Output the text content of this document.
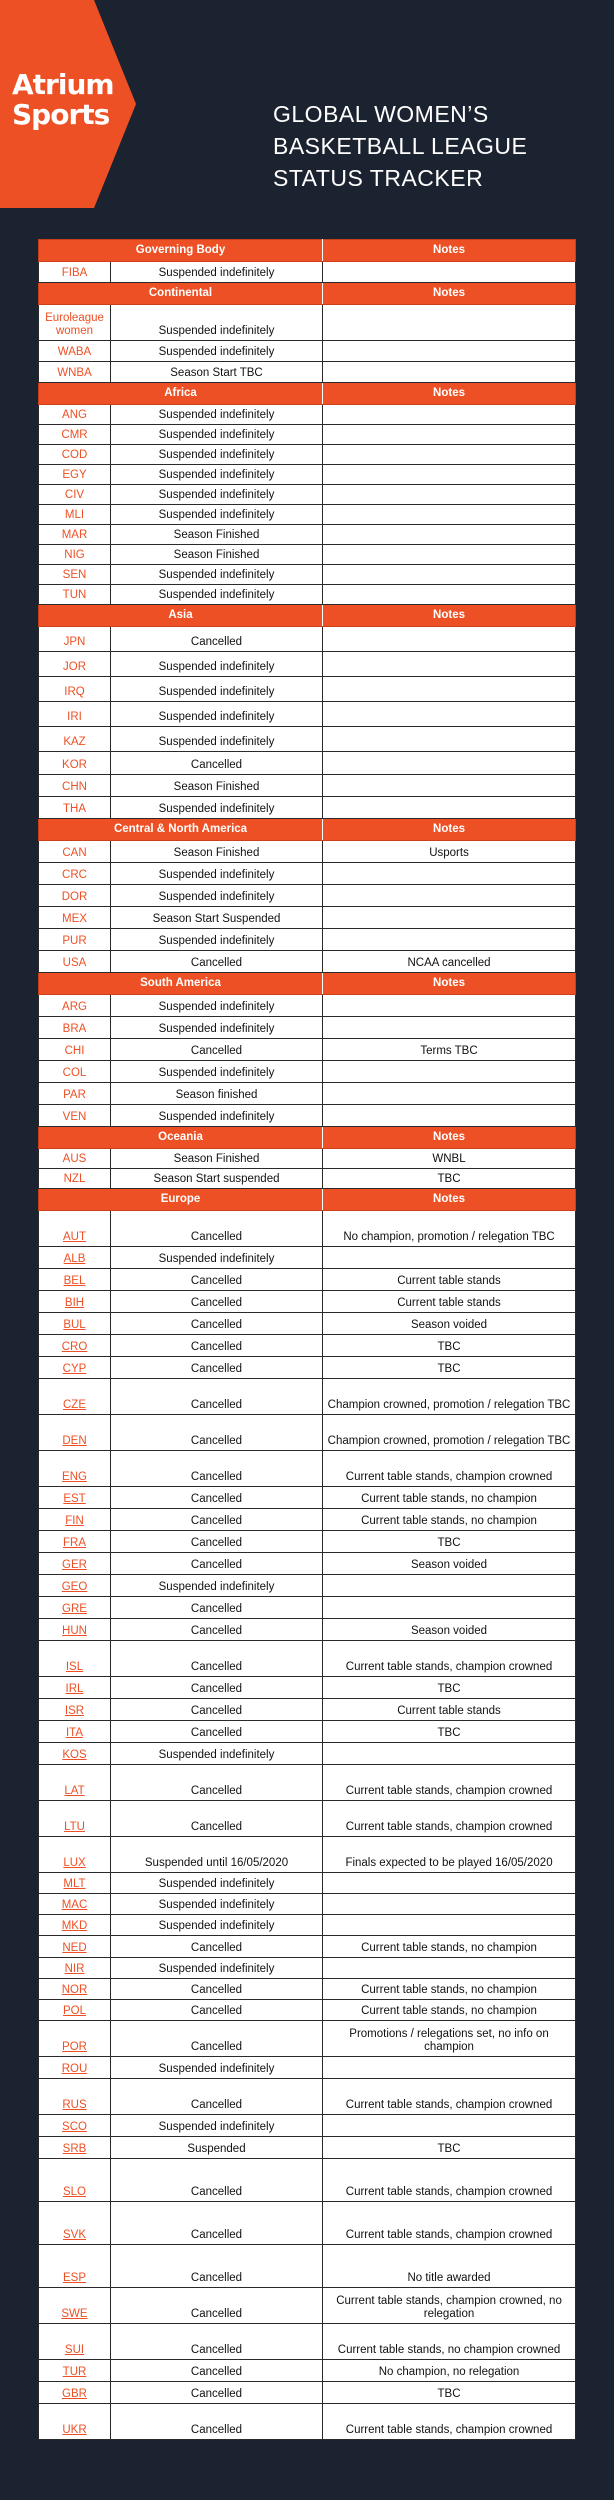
Atrium
Sports	GLOBAL WOMEN’S
BASKETBALL LEAGUE
STATUS TRACKER
Governing Body		Notes
FIBA	Suspended indefinitely	
Continental		Notes
Euroleague women	Suspended indefinitely	
WABA	Suspended indefinitely	
WNBA	Season Start TBC	
Africa		Notes
ANG	Suspended indefinitely	
CMR	Suspended indefinitely	
COD	Suspended indefinitely	
EGY	Suspended indefinitely	
CIV	Suspended indefinitely	
MLI	Suspended indefinitely	
MAR	Season Finished	
NIG	Season Finished	
SEN	Suspended indefinitely	
TUN	Suspended indefinitely	
Asia		Notes
JPN	Cancelled	
JOR	Suspended indefinitely	
IRQ	Suspended indefinitely	
IRI	Suspended indefinitely	
KAZ	Suspended indefinitely	
KOR	Cancelled	
CHN	Season Finished	
THA	Suspended indefinitely	
Central & North America		Notes
CAN	Season Finished	Usports
CRC	Suspended indefinitely	
DOR	Suspended indefinitely	
MEX	Season Start Suspended	
PUR	Suspended indefinitely	
USA	Cancelled	NCAA cancelled
South America		Notes
ARG	Suspended indefinitely	
BRA	Suspended indefinitely	
CHI	Cancelled	Terms TBC
COL	Suspended indefinitely	
PAR	Season finished	
VEN	Suspended indefinitely	
Oceania		Notes
AUS	Season Finished	WNBL
NZL	Season Start suspended	TBC
Europe		Notes
AUT	Cancelled	No champion, promotion / relegation TBC
ALB	Suspended indefinitely	
BEL	Cancelled	Current table stands
BIH	Cancelled	Current table stands
BUL	Cancelled	Season voided
CRO	Cancelled	TBC
CYP	Cancelled	TBC
CZE	Cancelled	Champion crowned, promotion / relegation TBC
DEN	Cancelled	Champion crowned, promotion / relegation TBC
ENG	Cancelled	Current table stands, champion crowned
EST	Cancelled	Current table stands, no champion
FIN	Cancelled	Current table stands, no champion
FRA	Cancelled	TBC
GER	Cancelled	Season voided
GEO	Suspended indefinitely	
GRE	Cancelled	
HUN	Cancelled	Season voided
ISL	Cancelled	Current table stands, champion crowned
IRL	Cancelled	TBC
ISR	Cancelled	Current table stands
ITA	Cancelled	TBC
KOS	Suspended indefinitely	
LAT	Cancelled	Current table stands, champion crowned
LTU	Cancelled	Current table stands, champion crowned
LUX	Suspended until 16/05/2020	Finals expected to be played 16/05/2020
MLT	Suspended indefinitely	
MAC	Suspended indefinitely	
MKD	Suspended indefinitely	
NED	Cancelled	Current table stands, no champion
NIR	Suspended indefinitely	
NOR	Cancelled	Current table stands, no champion
POL	Cancelled	Current table stands, no champion
POR	Cancelled	Promotions / relegations set, no info on champion
ROU	Suspended indefinitely	
RUS	Cancelled	Current table stands, champion crowned
SCO	Suspended indefinitely	
SRB	Suspended	TBC
SLO	Cancelled	Current table stands, champion crowned
SVK	Cancelled	Current table stands, champion crowned
ESP	Cancelled	No title awarded
SWE	Cancelled	Current table stands, champion crowned, no relegation
SUI	Cancelled	Current table stands, no champion crowned
TUR	Cancelled	No champion, no relegation
GBR	Cancelled	TBC
UKR	Cancelled	Current table stands, champion crowned
